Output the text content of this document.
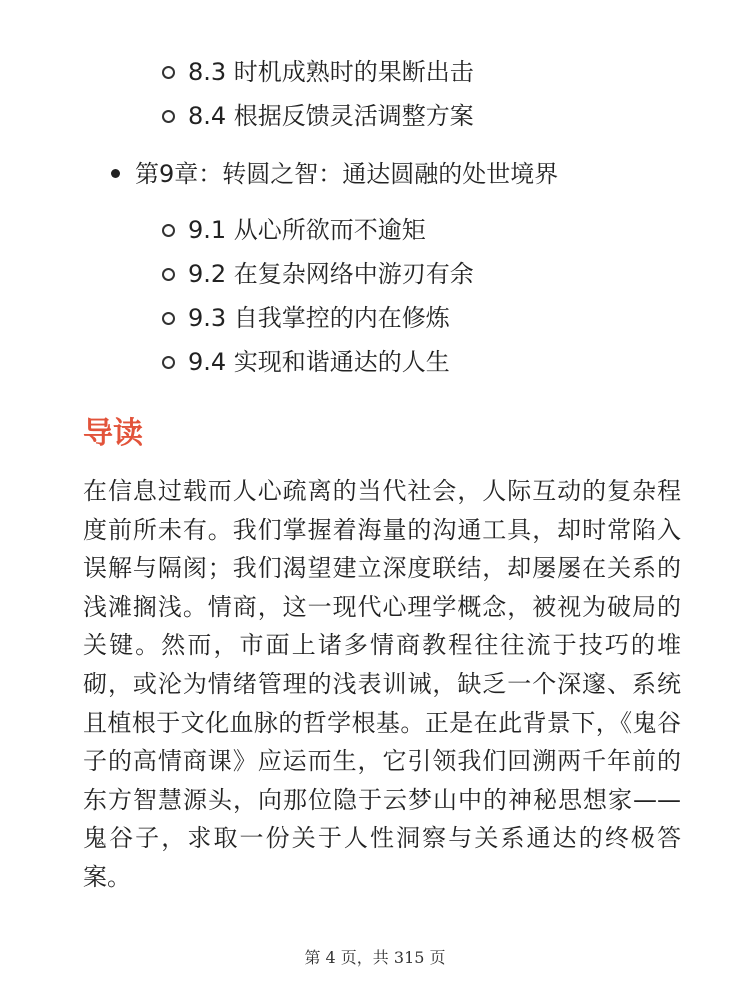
8.3 时机成熟时的果断出击
8.4 根据反馈灵活调整方案
第9章：转圆之智：通达圆融的处世境界
9.1 从心所欲而不逾矩
9.2 在复杂网络中游刃有余
9.3 自我掌控的内在修炼
9.4 实现和谐通达的人生
导读

在信息过载而人心疏离的当代社会，人际互动的复杂程度前所未有。我们掌握着海量的沟通工具，却时常陷入误解与隔阂；我们渴望建立深度联结，却屡屡在关系的浅滩搁浅。情商，这一现代心理学概念，被视为破局的关键。然而，市面上诸多情商教程往往流于技巧的堆砌，或沦为情绪管理的浅表训诫，缺乏一个深邃、系统且植根于文化血脉的哲学根基。正是在此背景下，《鬼谷子的高情商课》应运而生，它引领我们回溯两千年前的东方智慧源头，向那位隐于云梦山中的神秘思想家——鬼谷子，求取一份关于人性洞察与关系通达的终极答案。

第 4 页，共 315 页
